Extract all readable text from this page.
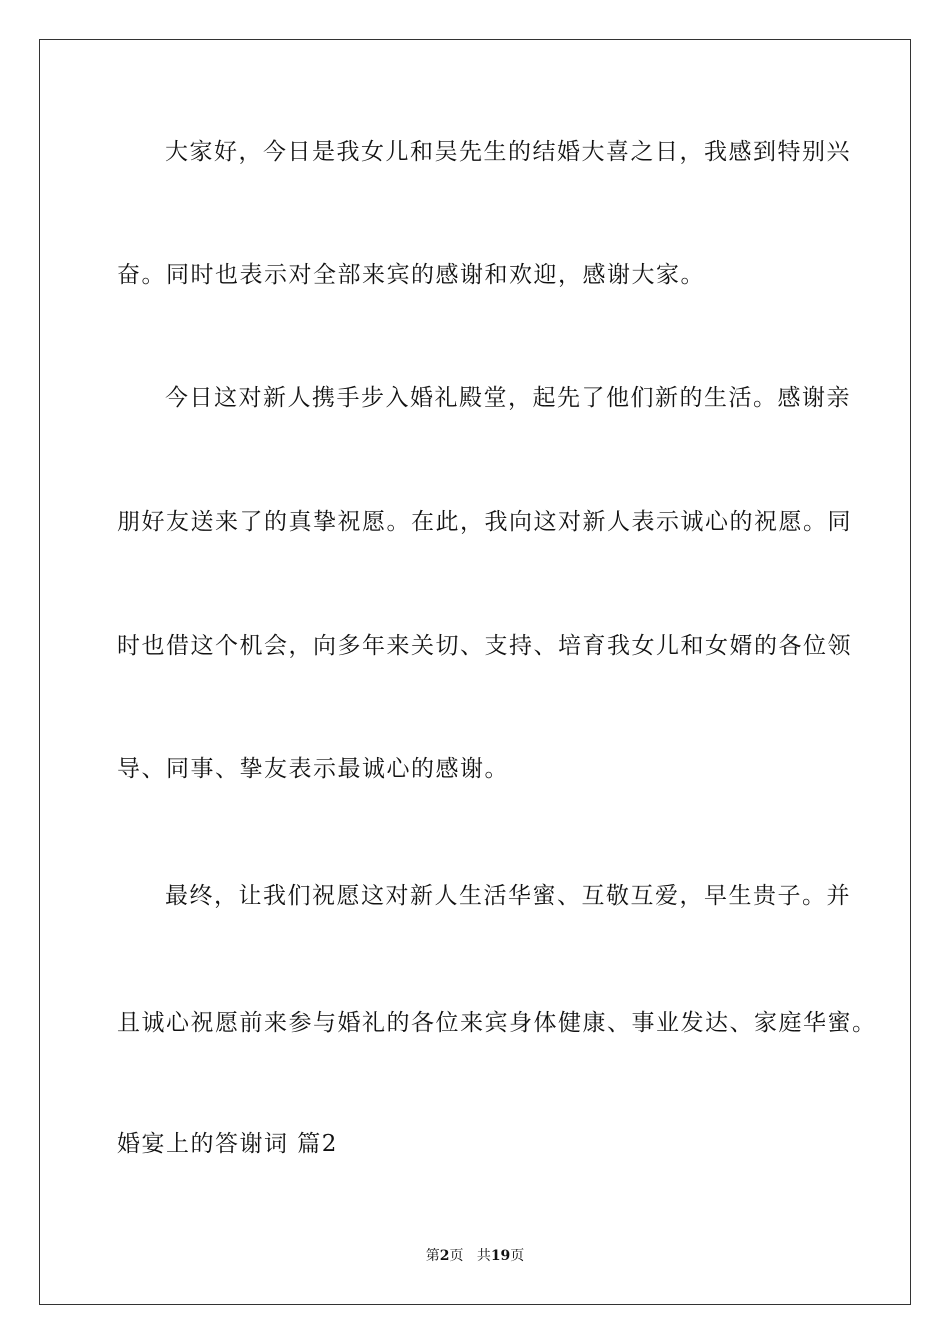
大家好，今日是我女儿和吴先生的结婚大喜之日，我感到特别兴
奋。同时也表示对全部来宾的感谢和欢迎，感谢大家。
今日这对新人携手步入婚礼殿堂，起先了他们新的生活。感谢亲
朋好友送来了的真挚祝愿。在此，我向这对新人表示诚心的祝愿。同
时也借这个机会，向多年来关切、支持、培育我女儿和女婿的各位领
导、同事、挚友表示最诚心的感谢。
最终，让我们祝愿这对新人生活华蜜、互敬互爱，早生贵子。并
且诚心祝愿前来参与婚礼的各位来宾身体健康、事业发达、家庭华蜜。
婚宴上的答谢词 篇2
第2页 共19页
